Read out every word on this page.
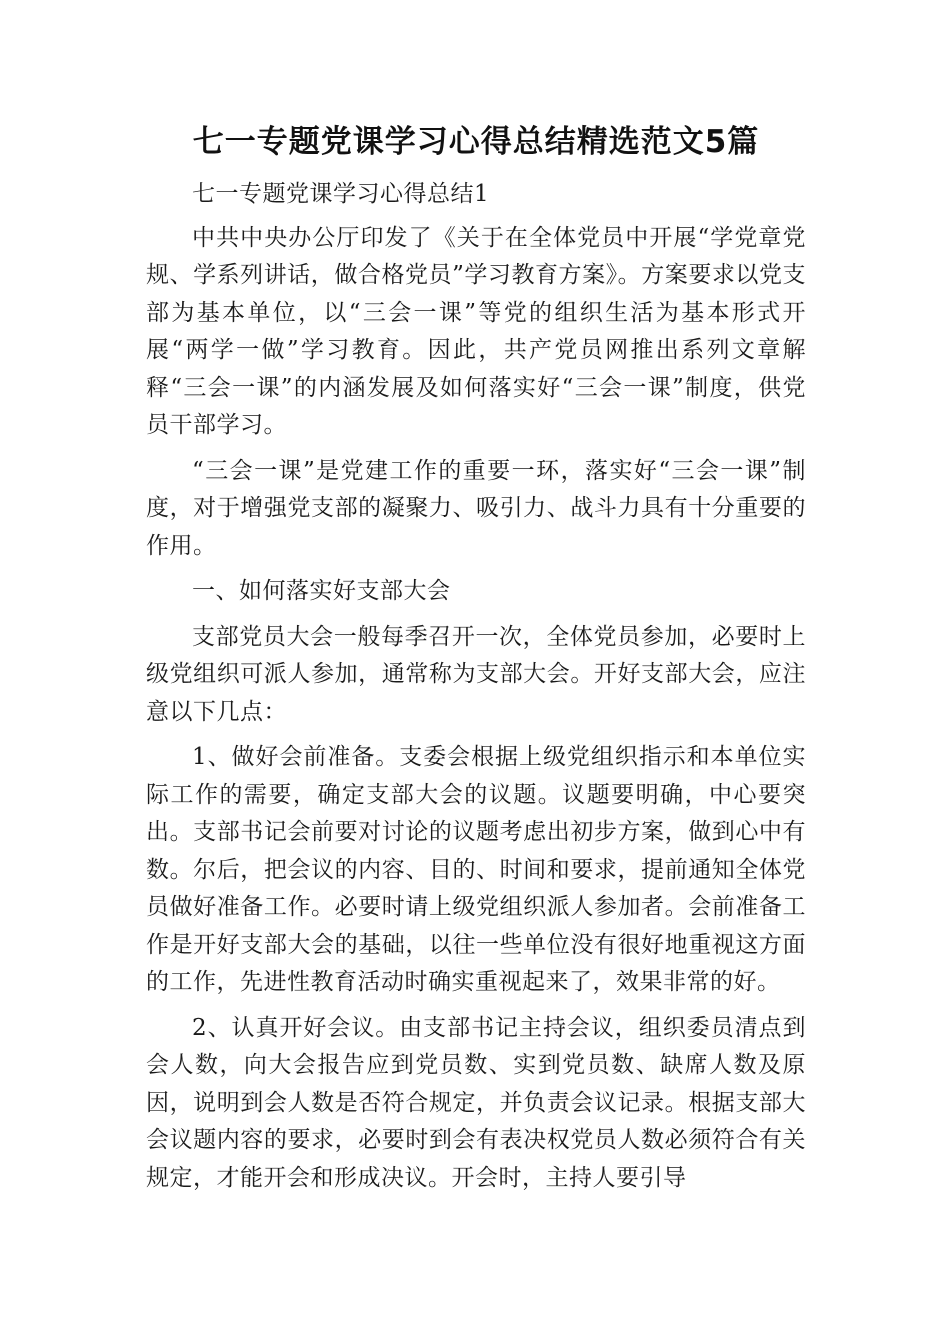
七一专题党课学习心得总结精选范文5篇

七一专题党课学习心得总结1

中共中央办公厅印发了《关于在全体党员中开展“学党章党规、学系列讲话，做合格党员”学习教育方案》。方案要求以党支部为基本单位，以“三会一课”等党的组织生活为基本形式开展“两学一做”学习教育。因此，共产党员网推出系列文章解释“三会一课”的内涵发展及如何落实好“三会一课”制度，供党员干部学习。

“三会一课”是党建工作的重要一环，落实好“三会一课”制度，对于增强党支部的凝聚力、吸引力、战斗力具有十分重要的作用。

一、如何落实好支部大会

支部党员大会一般每季召开一次，全体党员参加，必要时上级党组织可派人参加，通常称为支部大会。开好支部大会，应注意以下几点：

1、做好会前准备。支委会根据上级党组织指示和本单位实际工作的需要，确定支部大会的议题。议题要明确，中心要突出。支部书记会前要对讨论的议题考虑出初步方案，做到心中有数。尔后，把会议的内容、目的、时间和要求，提前通知全体党员做好准备工作。必要时请上级党组织派人参加者。会前准备工作是开好支部大会的基础，以往一些单位没有很好地重视这方面的工作，先进性教育活动时确实重视起来了，效果非常的好。

2、认真开好会议。由支部书记主持会议，组织委员清点到会人数，向大会报告应到党员数、实到党员数、缺席人数及原因，说明到会人数是否符合规定，并负责会议记录。根据支部大会议题内容的要求，必要时到会有表决权党员人数必须符合有关规定，才能开会和形成决议。开会时，主持人要引导
